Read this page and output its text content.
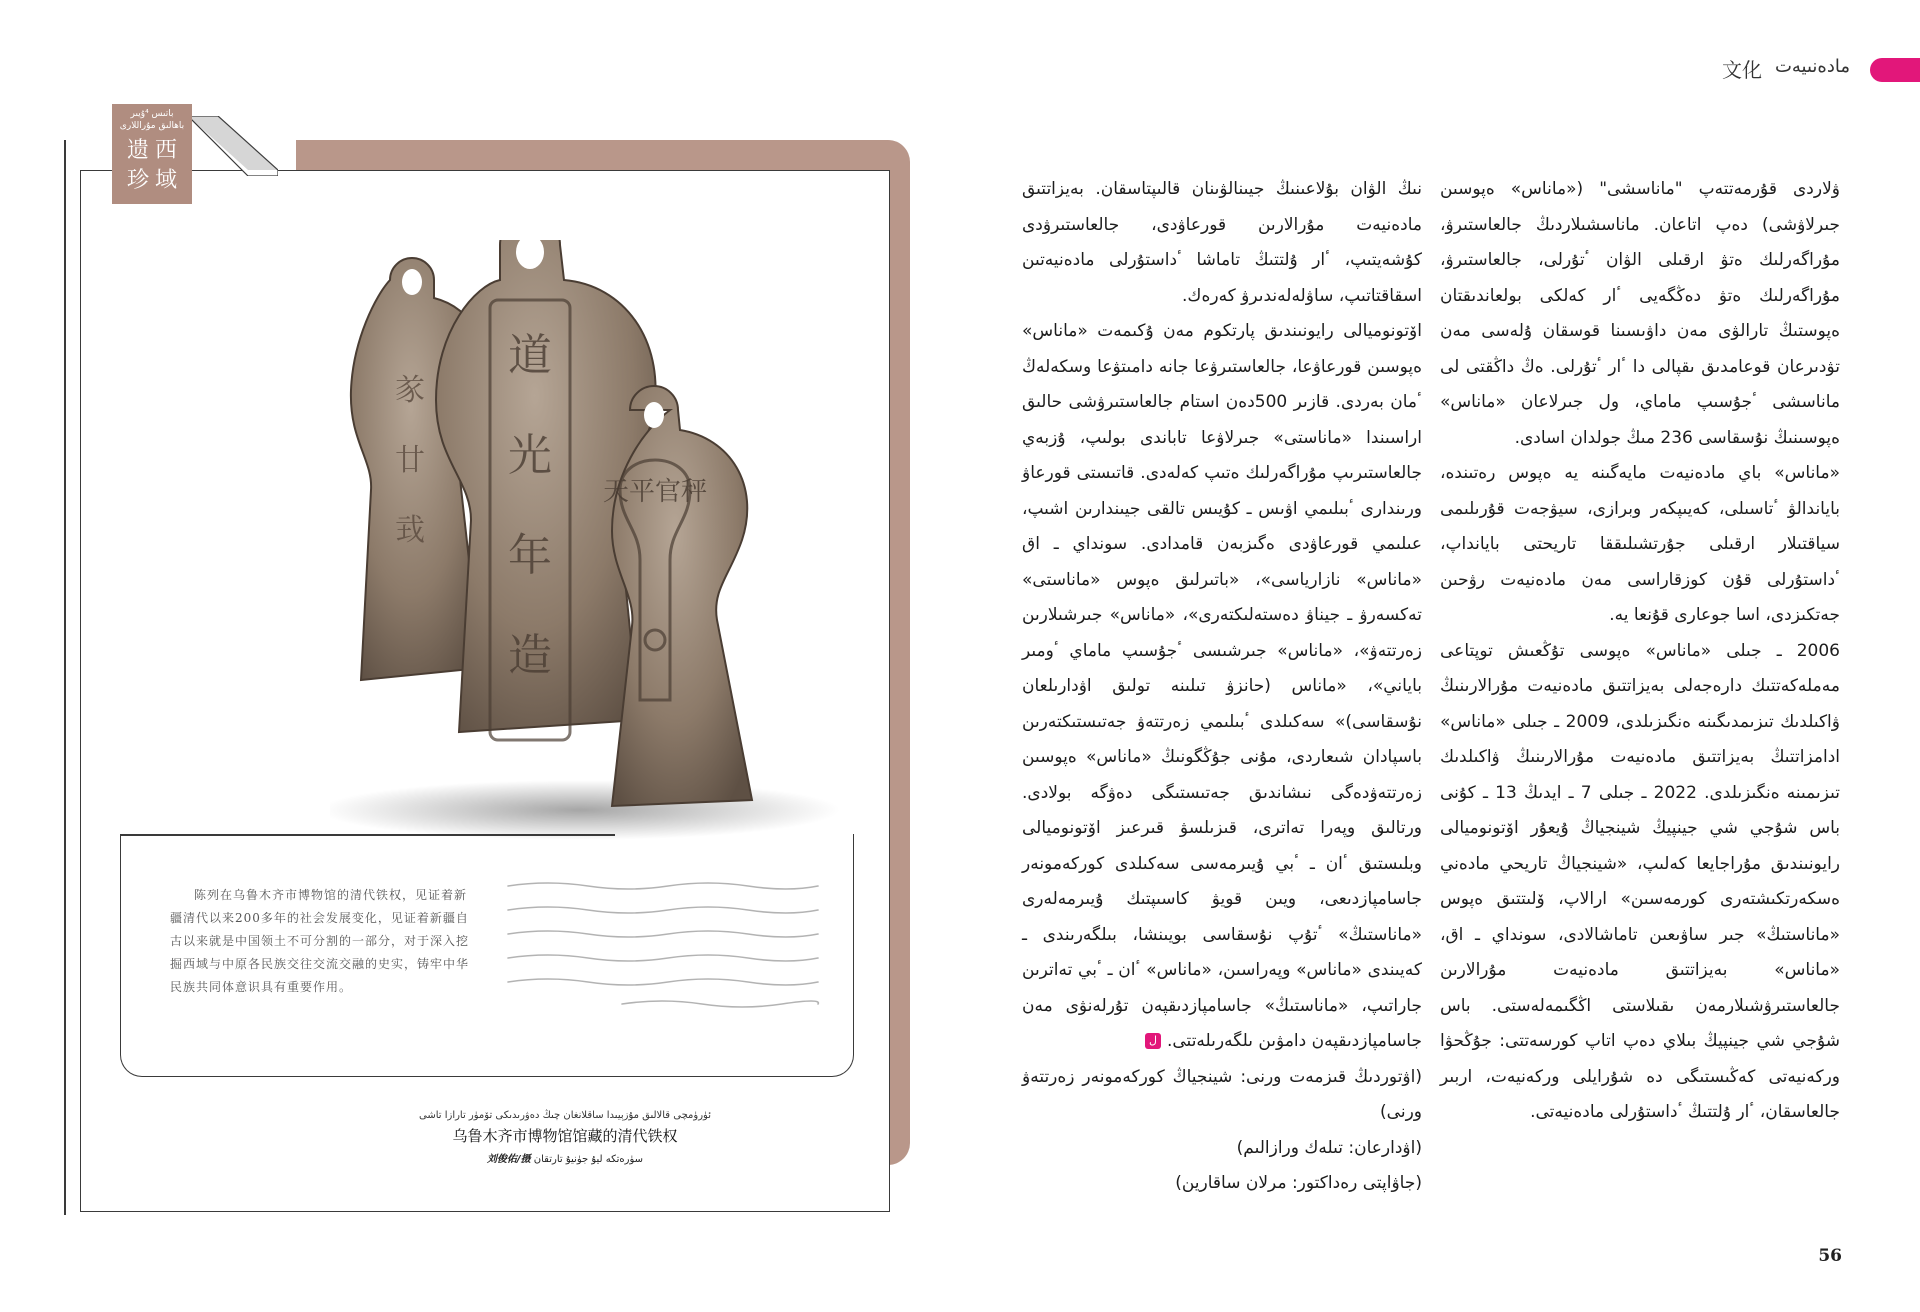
مادەنىيەت
文化
باتىس ⁴ۇيىر
باھالىق مۇراللارى
西
域
遗
珍
㒸
廿
㦱
道
光
年
造
天平官秤
陈列在乌鲁木齐市博物馆的清代铁权，见证着新疆清代以来200多年的社会发展变化，见证着新疆自古以来就是中国领土不可分割的一部分，对于深入挖掘西域与中原各民族交往交流交融的史实，铸牢中华民族共同体意识具有重要作用。
ئۈرۈمچى قالالىق مۇزېيىدا ساقلانغان چىڭ دەۋرىدىكى تۆمۈر تارازا تاشى
乌鲁木齐市博物馆馆藏的清代铁权
刘俊佑/摄 سۈرەتكە ليۇ جۈنيۇ تارتقان

ۋلاردى قۇرمەتتەپ "ماناسشى" («ماناس» ەپوسىن جىرلاۋشى) دەپ اتاعان. ماناسشىلاردىڭ جالعاستىرۋ، مۇراگەرلىك ەتۋ ارقىلى الۋان ٴتۇرلى، جالعاستىرۋ، مۇراگەرلىك ەتۋ دەڭگەيى ٴار كەلكى بولعاندىقتان ەپوستىڭ تارالۋى مەن داۋىسىنا قوسقان ۇلەسى مەن تۋدىرعان قوعامدىق ىقپالى دا ٴار ٴتۇرلى. ەڭ داڭقتى لى ماناسشى ٴجۇسىپ ماماي، ول جىرلاعان «ماناس» ەپوسىنىڭ نۇسقاسى 236 مىڭ جولدان اسادى.

«ماناس» باي مادەنيەت مايەگىنە يە ەپوس رەتىندە، باياندالۋ ٴتاسىلى، كەيىپكەر وبرازى، سيۋجەت قۇرىلىمى سياقتىلار ارقىلى جۇرتشىلىققا تاريحتى بايانداپ، ٴداستۇرلى قۇن كوزقاراسى مەن مادەنيەت رۋحىن جەتكىزدى، اسا جوعارى قۇنعا يە.

2006 ـ جىلى «ماناس» ەپوسى تۇڭعىش توپتاعى مەملەكەتتىك دارەجەلى بەيزاتتىق مادەنيەت مۇرالارىنىڭ ۋاكىلدىك تىزىمدىگىنە ەنگىزىلدى، 2009 ـ جىلى «ماناس» ادامزاتتىڭ بەيزاتتىق مادەنيەت مۇرالارىنىڭ ۋاكىلدىك تىزىمىنە ەنگىزىلدى. 2022 ـ جىلى 7 ـ ايدىڭ 13 ـ كۇنى باس شۇجي شي جينپيڭ شينجياڭ ۇيعۇر اۆتونوميالى رايونىندىق مۇراجايعا كەلىپ، «شينجياڭ تاريحي مادەني ەسكەرتكىشتەرى كورمەسىن» ارالاپ، ۆلىتتىق ەپوس «ماناستىڭ» جىر ساۋىعىن تاماشالادى، سونداي ـ اق، «ماناس» بەيزاتتىق مادەنيەت مۇرالارىن جالعاستىرۋشىلارمەن ىقىلاستى اڭگىمەلەستى. باس شۇجي شي جينپيڭ بىلاي دەپ اتاپ كورسەتتى: جۇڭحۋا وركەنيەتى كەڭىستىگى دە شۇرايلى وركەنيەت، اربىر جالعاسقان، ٴار ۇلتتىڭ ٴداستۇرلى مادەنيەتى.

نىڭ الۋان بۇلاعىنىڭ جيىنالۋىنان قالىپتاسقان. بەيزاتتىق مادەنيەت مۇرالارىن قورعاۋدى، جالعاستىرۋدى كۇشەيتىپ، ٴار ۇلتتىڭ تاماشا ٴداستۇرلى مادەنيەتىن اسقاقتاتىپ، ساۋلەلەندىرۋ كەرەك.

اۆتونوميالى رايونىندىق پارتكوم مەن ۇكىمەت «ماناس» ەپوسىن قورعاۋعا، جالعاستىرۋعا جانە دامىتۋعا وسكەلەڭ ٴمان بەردى. قازىر 500دەن استام جالعاستىرۋشى حالىق اراسىندا «ماناستى» جىرلاۋعا تاباندى بولىپ، ۇزبەي جالعاستىرىپ مۇراگەرلىك ەتىپ كەلەدى. قاتىستى قورعاۋ ورىندارى ٴبىلىمي اۋىس ـ كۇيىس تالقى جيىندارىن اشىپ، عىلىمي قورعاۋدى ەگىزبەن قامدادى. سونداي ـ اق «ماناس» نازارياسى»، «باتىرلىق ەپوس «ماناستى» تەكسەرۋ ـ جيناۋ دەستەلىكتەرى»، «ماناس» جىرشىلارىن زەرتتەۋ»، «ماناس» جىرشىسى ٴجۇسىپ ماماي ٴومىر باياني»، «ماناس (حانزۋ تىلىنە تولىق اۋدارىلعان نۇسقاسى)» سەكىلدى ٴبىلىمي زەرتتەۋ جەتىستىكتەرىن باسپادان شىعاردى، مۇنى جۇڭگونىڭ «ماناس» ەپوسىن زەرتتەۋدەگى نىشاندىق جەتىستىگى دەۋگە بولادى. ورتالىق وپەرا تەاترى، قىزىلسۋ قىرعىز اۆتونوميالى وبلىستىق ٴان ـ ٴبي ۇيىرمەسى سەكىلدى كوركەمونەر جاسامپازدىعى، ويىن قويۋ كاسىپتىك ۇيىرمەلەرى «ماناستىڭ» ٴتۇپ نۇسقاسى بويىنشا، بىلگەرىندى ـ كەيىندى «ماناس» وپەراسىن، «ماناس» ٴان ـ ٴبي تەاترىن جاراتىپ، «ماناستىڭ» جاسامپازدىقپەن تۇرلەنۋى مەن جاسامپازدىقپەن دامۋىن ىلگەرىلەتتى.ل

(اۋتوردىڭ قىزمەت ورنى: شينجياڭ كوركەمونەر زەرتتەۋ ورنى)

(اۋدارعان: تىلەك ورازالىم)

(جاۋاپتى رەداكتور: مرلان ساقارين)

56
